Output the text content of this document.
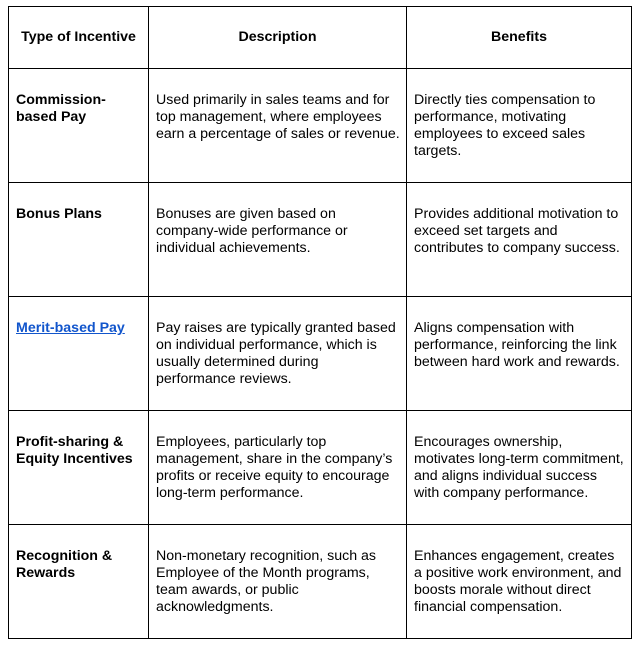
Type of Incentive	Description	Benefits

Commission-based Pay	Used primarily in sales teams and for top management, where employees earn a percentage of sales or revenue.	Directly ties compensation to performance, motivating employees to exceed sales targets.

Bonus Plans	Bonuses are given based on company-wide performance or individual achievements.	Provides additional motivation to exceed set targets and contributes to company success.

Merit-based Pay	Pay raises are typically granted based on individual performance, which is usually determined during performance reviews.	Aligns compensation with performance, reinforcing the link between hard work and rewards.

Profit-sharing & Equity Incentives	Employees, particularly top management, share in the company’s profits or receive equity to encourage long-term performance.	Encourages ownership, motivates long-term commitment, and aligns individual success with company performance.

Recognition & Rewards	Non-monetary recognition, such as Employee of the Month programs, team awards, or public acknowledgments.	Enhances engagement, creates a positive work environment, and boosts morale without direct financial compensation.
